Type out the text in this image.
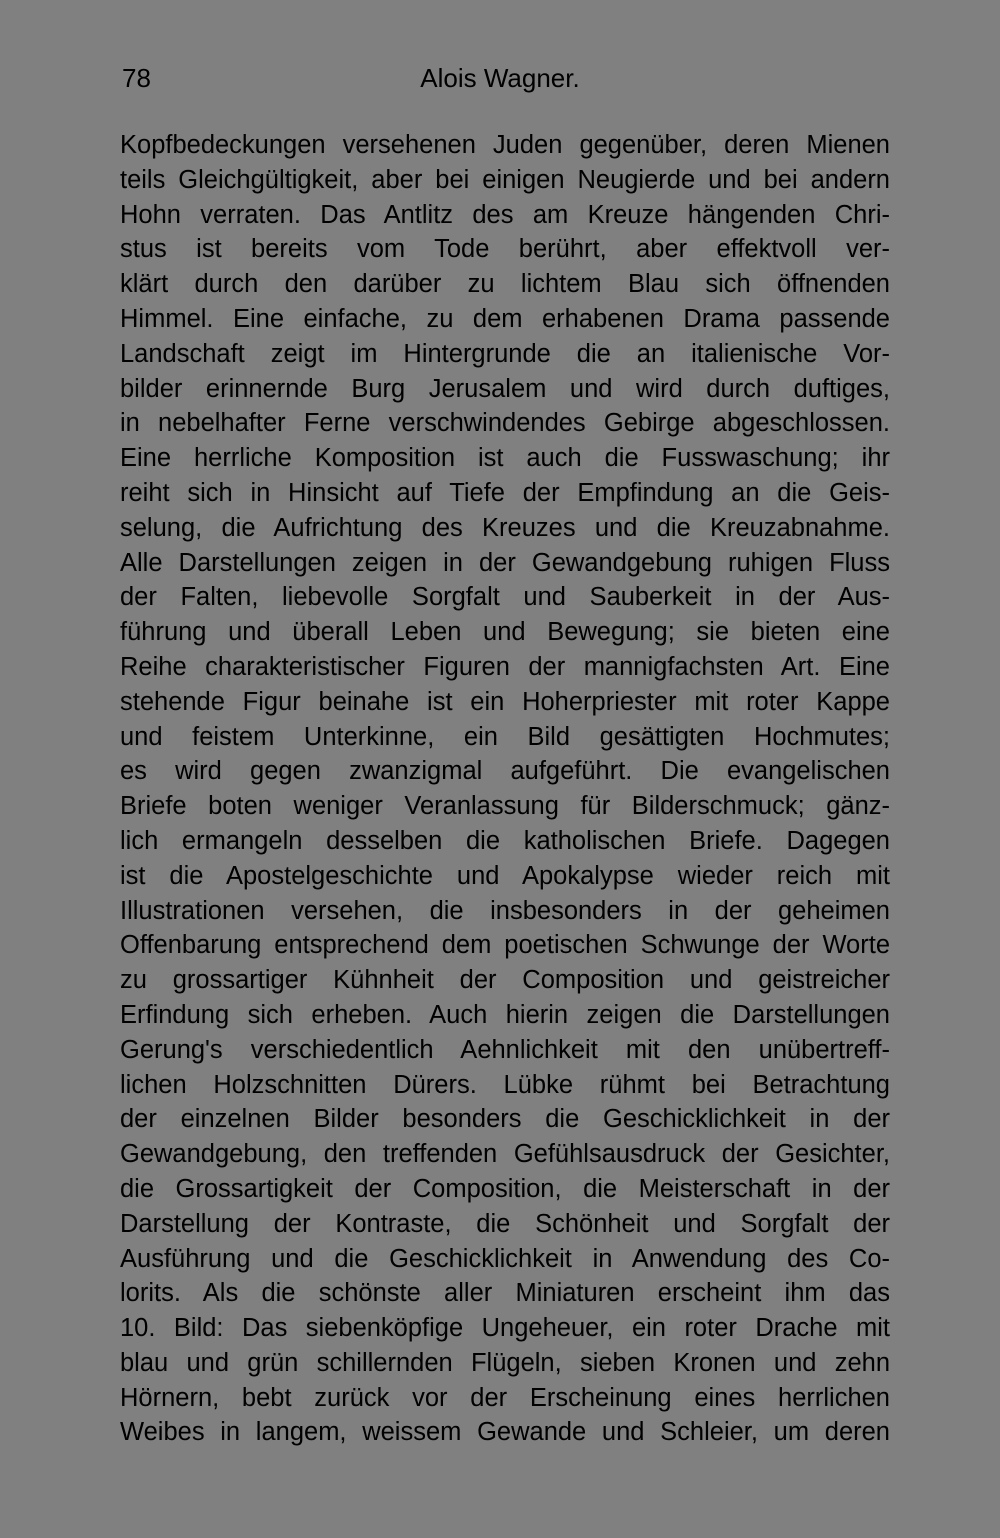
78	Alois Wagner.
Kopfbedeckungen versehenen Juden gegenüber, deren Mienen
teils Gleichgültigkeit, aber bei einigen Neugierde und bei andern
Hohn verraten. Das Antlitz des am Kreuze hängenden Chri-
stus ist bereits vom Tode berührt, aber effektvoll ver-
klärt durch den darüber zu lichtem Blau sich öffnenden
Himmel. Eine einfache, zu dem erhabenen Drama passende
Landschaft zeigt im Hintergrunde die an italienische Vor-
bilder erinnernde Burg Jerusalem und wird durch duftiges,
in nebelhafter Ferne verschwindendes Gebirge abgeschlossen.
Eine herrliche Komposition ist auch die Fusswaschung; ihr
reiht sich in Hinsicht auf Tiefe der Empfindung an die Geis-
selung, die Aufrichtung des Kreuzes und die Kreuzabnahme.
Alle Darstellungen zeigen in der Gewandgebung ruhigen Fluss
der Falten, liebevolle Sorgfalt und Sauberkeit in der Aus-
führung und überall Leben und Bewegung; sie bieten eine
Reihe charakteristischer Figuren der mannigfachsten Art. Eine
stehende Figur beinahe ist ein Hoherpriester mit roter Kappe
und feistem Unterkinne, ein Bild gesättigten Hochmutes;
es wird gegen zwanzigmal aufgeführt. Die evangelischen
Briefe boten weniger Veranlassung für Bilderschmuck; gänz-
lich ermangeln desselben die katholischen Briefe. Dagegen
ist die Apostelgeschichte und Apokalypse wieder reich mit
Illustrationen versehen, die insbesonders in der geheimen
Offenbarung entsprechend dem poetischen Schwunge der Worte
zu grossartiger Kühnheit der Composition und geistreicher
Erfindung sich erheben. Auch hierin zeigen die Darstellungen
Gerung's verschiedentlich Aehnlichkeit mit den unübertreff-
lichen Holzschnitten Dürers. Lübke rühmt bei Betrachtung
der einzelnen Bilder besonders die Geschicklichkeit in der
Gewandgebung, den treffenden Gefühlsausdruck der Gesichter,
die Grossartigkeit der Composition, die Meisterschaft in der
Darstellung der Kontraste, die Schönheit und Sorgfalt der
Ausführung und die Geschicklichkeit in Anwendung des Co-
lorits. Als die schönste aller Miniaturen erscheint ihm das
10. Bild: Das siebenköpfige Ungeheuer, ein roter Drache mit
blau und grün schillernden Flügeln, sieben Kronen und zehn
Hörnern, bebt zurück vor der Erscheinung eines herrlichen
Weibes in langem, weissem Gewande und Schleier, um deren
